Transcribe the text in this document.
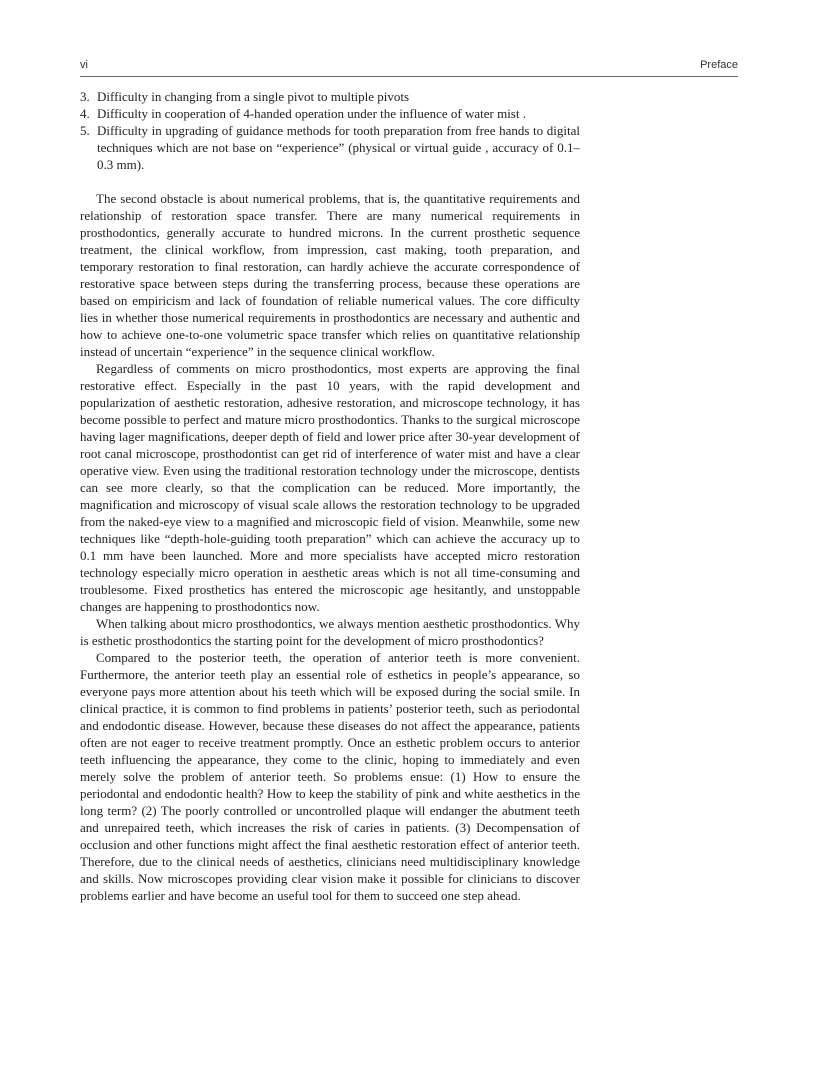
vi	Preface
3. Difficulty in changing from a single pivot to multiple pivots
4. Difficulty in cooperation of 4-handed operation under the influence of water mist .
5. Difficulty in upgrading of guidance methods for tooth preparation from free hands to digital techniques which are not base on “experience” (physical or virtual guide , accuracy of 0.1–0.3 mm).

The second obstacle is about numerical problems, that is, the quantitative requirements and relationship of restoration space transfer. There are many numerical requirements in prosthodontics, generally accurate to hundred microns. In the current prosthetic sequence treatment, the clinical workflow, from impression, cast making, tooth preparation, and temporary restoration to final restoration, can hardly achieve the accurate correspondence of restorative space between steps during the transferring process, because these operations are based on empiricism and lack of foundation of reliable numerical values. The core difficulty lies in whether those numerical requirements in prosthodontics are necessary and authentic and how to achieve one-to-one volumetric space transfer which relies on quantitative relationship instead of uncertain “experience” in the sequence clinical workflow.

Regardless of comments on micro prosthodontics, most experts are approving the final restorative effect. Especially in the past 10 years, with the rapid development and popularization of aesthetic restoration, adhesive restoration, and microscope technology, it has become possible to perfect and mature micro prosthodontics. Thanks to the surgical microscope having lager magnifications, deeper depth of field and lower price after 30-year development of root canal microscope, prosthodontist can get rid of interference of water mist and have a clear operative view. Even using the traditional restoration technology under the microscope, dentists can see more clearly, so that the complication can be reduced. More importantly, the magnification and microscopy of visual scale allows the restoration technology to be upgraded from the naked-eye view to a magnified and microscopic field of vision. Meanwhile, some new techniques like “depth-hole-guiding tooth preparation” which can achieve the accuracy up to 0.1 mm have been launched. More and more specialists have accepted micro restoration technology especially micro operation in aesthetic areas which is not all time-consuming and troublesome. Fixed prosthetics has entered the microscopic age hesitantly, and unstoppable changes are happening to prosthodontics now.

When talking about micro prosthodontics, we always mention aesthetic prosthodontics. Why is esthetic prosthodontics the starting point for the development of micro prosthodontics?

Compared to the posterior teeth, the operation of anterior teeth is more convenient. Furthermore, the anterior teeth play an essential role of esthetics in people’s appearance, so everyone pays more attention about his teeth which will be exposed during the social smile. In clinical practice, it is common to find problems in patients’ posterior teeth, such as periodontal and endodontic disease. However, because these diseases do not affect the appearance, patients often are not eager to receive treatment promptly. Once an esthetic problem occurs to anterior teeth influencing the appearance, they come to the clinic, hoping to immediately and even merely solve the problem of anterior teeth. So problems ensue: (1) How to ensure the periodontal and endodontic health? How to keep the stability of pink and white aesthetics in the long term? (2) The poorly controlled or uncontrolled plaque will endanger the abutment teeth and unrepaired teeth, which increases the risk of caries in patients. (3) Decompensation of occlusion and other functions might affect the final aesthetic restoration effect of anterior teeth. Therefore, due to the clinical needs of aesthetics, clinicians need multidisciplinary knowledge and skills. Now microscopes providing clear vision make it possible for clinicians to discover problems earlier and have become an useful tool for them to succeed one step ahead.
